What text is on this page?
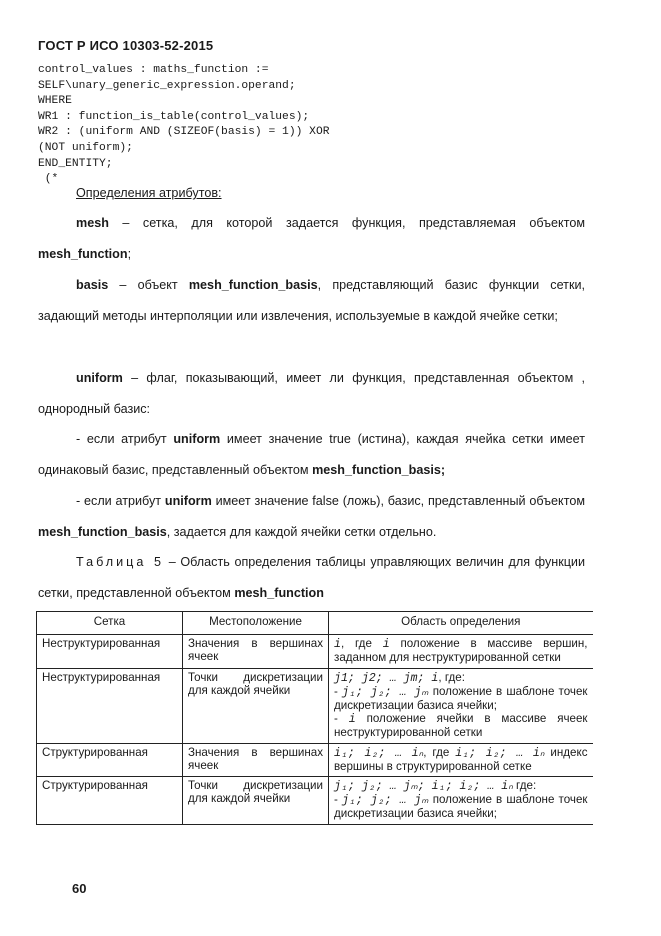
ГОСТ Р ИСО 10303-52-2015
control_values : maths_function :=
SELF\unary_generic_expression.operand;
WHERE
WR1 : function_is_table(control_values);
WR2 : (uniform AND (SIZEOF(basis) = 1)) XOR
(NOT uniform);
END_ENTITY;
(*
Определения атрибутов:
mesh – сетка, для которой задается функция, представляемая объектом mesh_function;
basis – объект mesh_function_basis, представляющий базис функции сетки, задающий методы интерполяции или извлечения, используемые в каждой ячейке сетки;
uniform – флаг, показывающий, имеет ли функция, представленная объектом , однородный базис:
- если атрибут uniform имеет значение true (истина), каждая ячейка сетки имеет одинаковый базис, представленный объектом mesh_function_basis;
- если атрибут uniform имеет значение false (ложь), базис, представленный объектом mesh_function_basis, задается для каждой ячейки сетки отдельно.
Таблица 5 – Область определения таблицы управляющих величин для функции сетки, представленной объектом mesh_function
Сетка	Местоположение	Область определения
Неструктурированная	Значения в вершинах ячеек	i, где i положение в массиве вершин, заданном для неструктурированной сетки
Неструктурированная	Точки дискретизации для каждой ячейки	j1; j2; … jm; i, где:
- j₁; j₂; … jₘ положение в шаблоне точек дискретизации базиса ячейки;
- i положение ячейки в массиве ячеек неструктурированной сетки

Структурированная	Значения в вершинах ячеек	i₁; i₂; … iₙ, где i₁; i₂; … iₙ индекс вершины в структурированной сетке
Структурированная	Точки дискретизации для каждой ячейки	j₁; j₂; … jₘ; i₁; i₂; … iₙ где:
- j₁; j₂; … jₘ положение в шаблоне точек дискретизации базиса ячейки;
60
